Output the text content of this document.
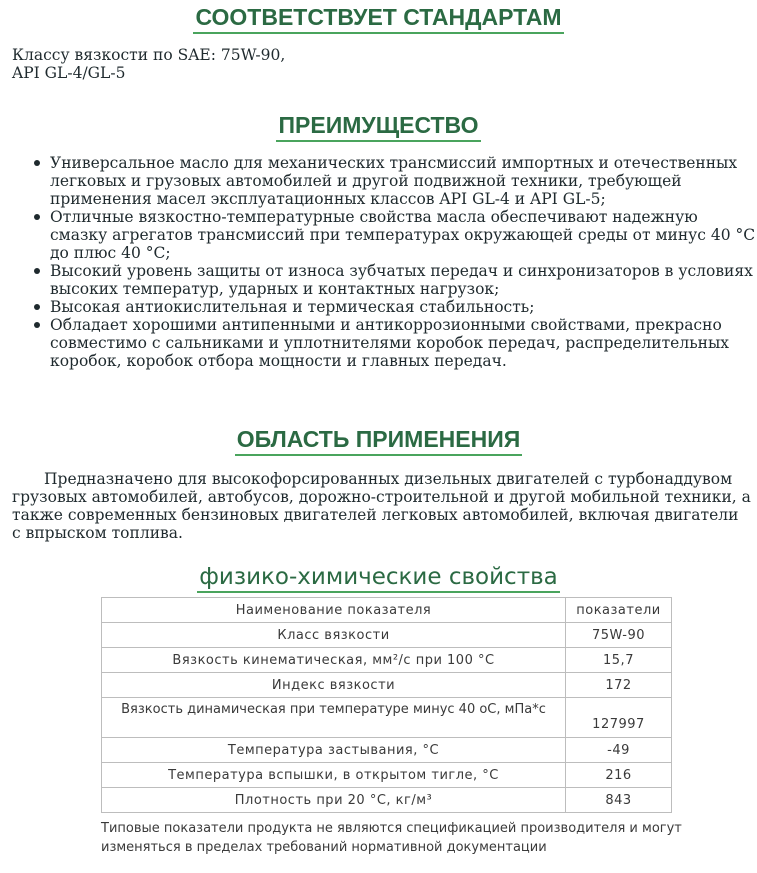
СООТВЕТСТВУЕТ СТАНДАРТАМ
Классу вязкости по SAE: 75W-90,
API GL-4/GL-5
ПРЕИМУЩЕСТВО
Универсальное масло для механических трансмиссий импортных и отечественных легковых и грузовых автомобилей и другой подвижной техники, требующей применения масел эксплуатационных классов API GL-4 и API GL-5;
Отличные вязкостно-температурные свойства масла обеспечивают надежную смазку агрегатов трансмиссий при температурах окружающей среды от минус 40 °С до плюс 40 °С;
Высокий уровень защиты от износа зубчатых передач и синхронизаторов в условиях высоких температур, ударных и контактных нагрузок;
Высокая антиокислительная и термическая стабильность;
Обладает хорошими антипенными и антикоррозионными свойствами, прекрасно совместимо с сальниками и уплотнителями коробок передач, распределительных коробок, коробок отбора мощности и главных передач.
ОБЛАСТЬ ПРИМЕНЕНИЯ

Предназначено для высокофорсированных дизельных двигателей с турбонаддувом грузовых автомобилей, автобусов, дорожно-строительной и другой мобильной техники, а также современных бензиновых двигателей легковых автомобилей, включая двигатели с впрыском топлива.

физико-химические свойства
Наименование показателя	показатели
Класс вязкости	75W-90
Вязкость кинематическая, мм²/с при 100 °С	15,7
Индекс вязкости	172
Вязкость динамическая при температуре минус 40 оС, мПа*с	127997
Температура застывания, °С	-49
Температура вспышки, в открытом тигле, °С	216
Плотность при 20 °С, кг/м³	843

Типовые показатели продукта не являются спецификацией производителя и могут изменяться в пределах требований нормативной документации
